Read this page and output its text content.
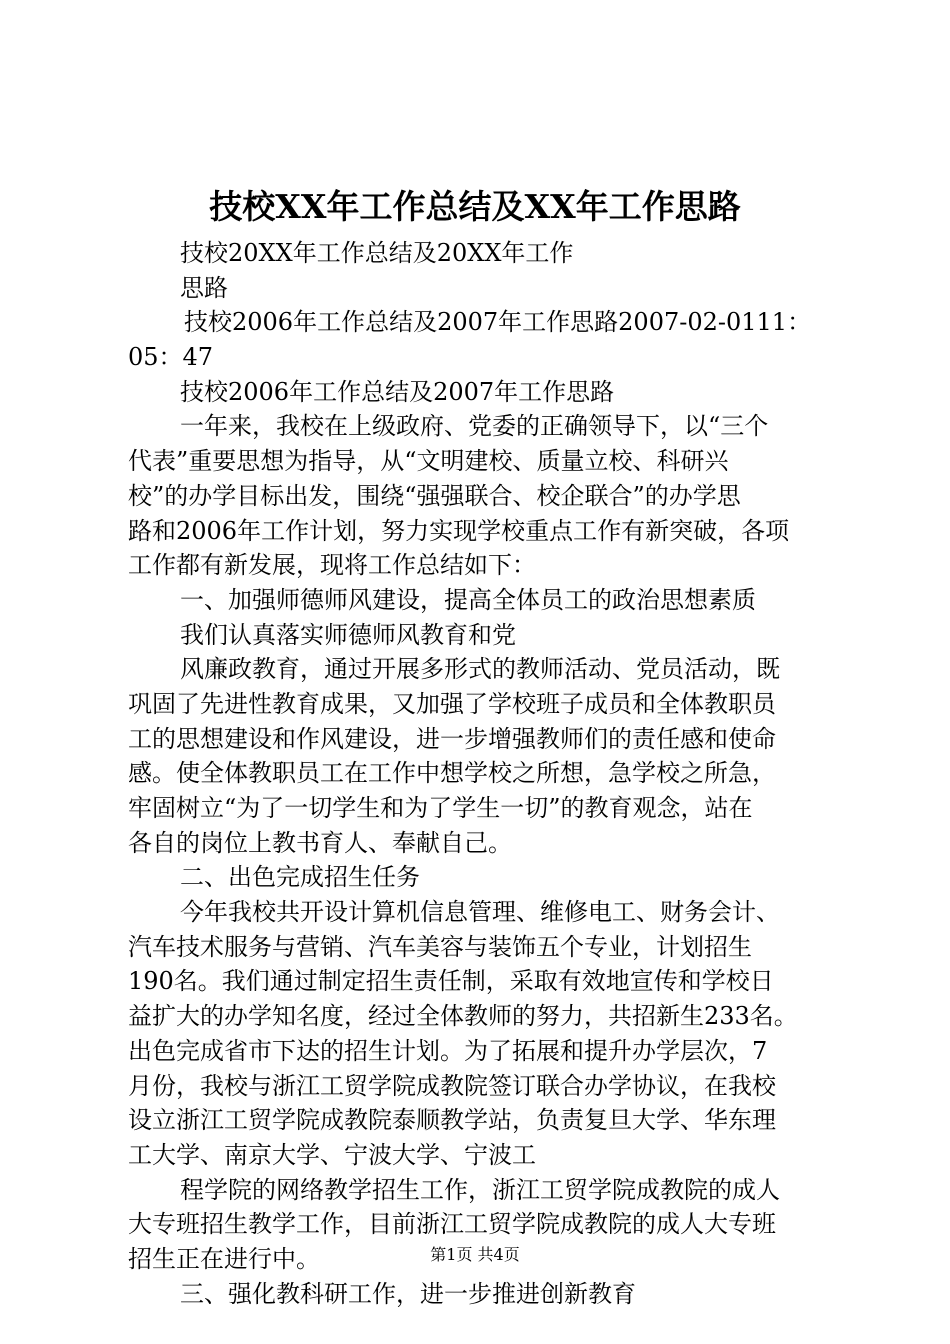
技校XX年工作总结及XX年工作思路
技校20XX年工作总结及20XX年工作
思路
技校2006年工作总结及2007年工作思路2007-02-0111：
05：47
技校2006年工作总结及2007年工作思路
一年来，我校在上级政府、党委的正确领导下，以“三个
代表”重要思想为指导，从“文明建校、质量立校、科研兴
校”的办学目标出发，围绕“强强联合、校企联合”的办学思
路和2006年工作计划，努力实现学校重点工作有新突破，各项
工作都有新发展，现将工作总结如下：
一、加强师德师风建设，提高全体员工的政治思想素质
我们认真落实师德师风教育和党
风廉政教育，通过开展多形式的教师活动、党员活动，既
巩固了先进性教育成果，又加强了学校班子成员和全体教职员
工的思想建设和作风建设，进一步增强教师们的责任感和使命
感。使全体教职员工在工作中想学校之所想，急学校之所急，
牢固树立“为了一切学生和为了学生一切”的教育观念，站在
各自的岗位上教书育人、奉献自己。
二、出色完成招生任务
今年我校共开设计算机信息管理、维修电工、财务会计、
汽车技术服务与营销、汽车美容与装饰五个专业，计划招生
190名。我们通过制定招生责任制，采取有效地宣传和学校日
益扩大的办学知名度，经过全体教师的努力，共招新生233名。
出色完成省市下达的招生计划。为了拓展和提升办学层次，7
月份，我校与浙江工贸学院成教院签订联合办学协议，在我校
设立浙江工贸学院成教院泰顺教学站，负责复旦大学、华东理
工大学、南京大学、宁波大学、宁波工
程学院的网络教学招生工作，浙江工贸学院成教院的成人
大专班招生教学工作，目前浙江工贸学院成教院的成人大专班
招生正在进行中。
三、强化教科研工作，进一步推进创新教育
第1页 共4页
